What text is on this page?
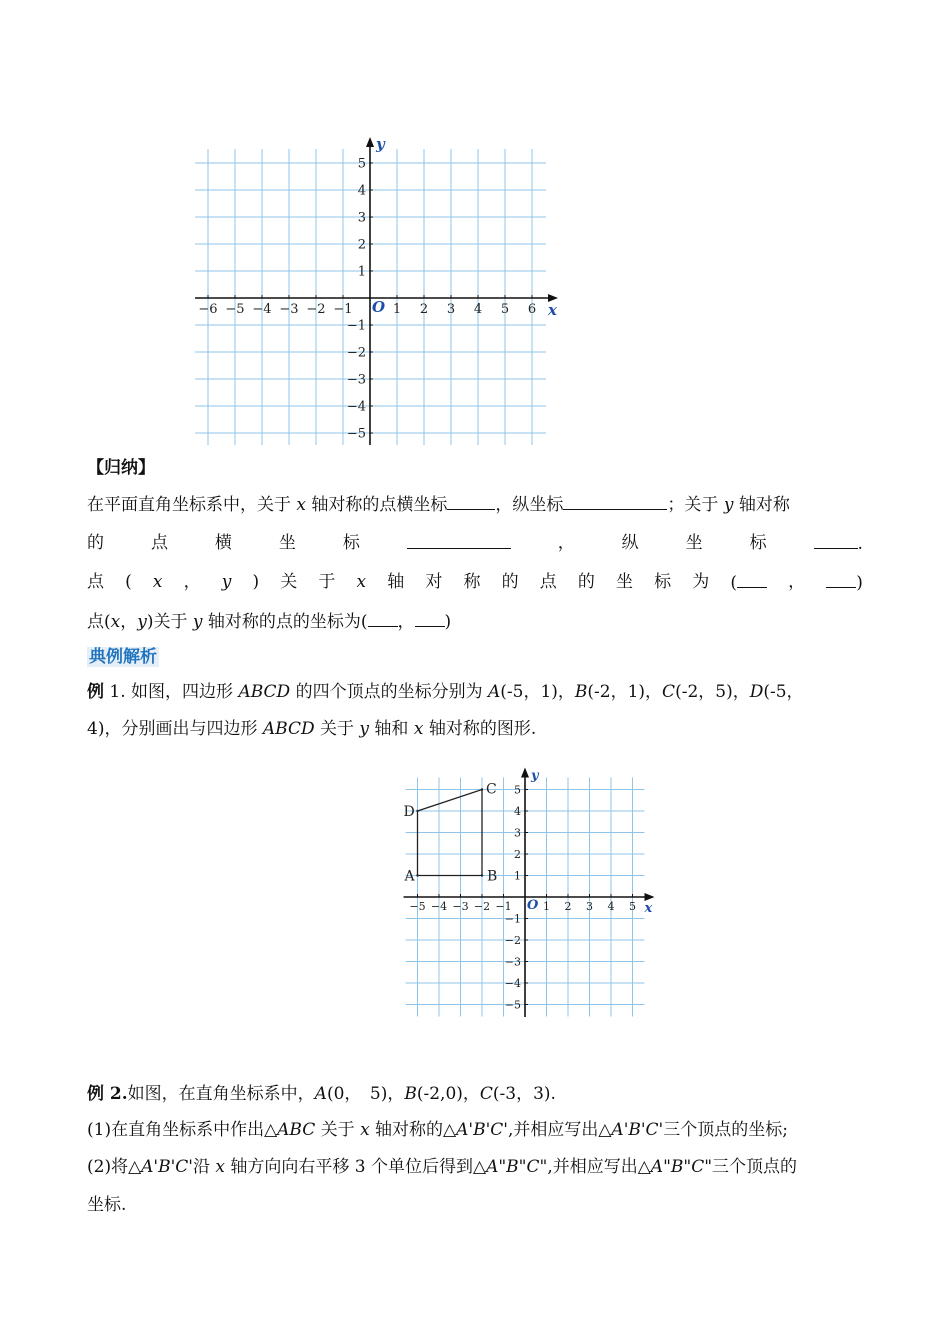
−6 −5 −4 −3 −2 −1	1 2 3 4 5 6
5
4
3
2
1
−1
−2
−3
−4
−5
O	x
y
【归纳】
在平面直角坐标系中，关于 x 轴对称的点横坐标	，纵坐标	；关于 y 轴对称
的	点	横	坐	标	，	纵	坐	标	.
点 ( x ， y ) 关 于 x 轴 对 称 的 点 的 坐 标 为 (	，	)
点(x，y)关于 y 轴对称的点的坐标为( ， )
典例解析
例 1. 如图，四边形 ABCD 的四个顶点的坐标分别为 A(-5，1)，B(-2，1)，C(-2，5)，D(-5，
4)，分别画出与四边形 ABCD 关于 y 轴和 x 轴对称的图形.
−5 −4 −3 −2 −1	1 2 3 4 5
5
4
3
2
1
−1
−2
−3
−4
−5
O	x
y
A	B
C
D
例 2.如图，在直角坐标系中，A(0，　5)，B(-2,0)，C(-3，3).
(1)在直角坐标系中作出△ABC 关于 x 轴对称的△A'B'C',并相应写出△A'B'C'三个顶点的坐标;
(2)将△A'B'C'沿 x 轴方向向右平移 3 个单位后得到△A"B"C",并相应写出△A"B"C"三个顶点的
坐标.
